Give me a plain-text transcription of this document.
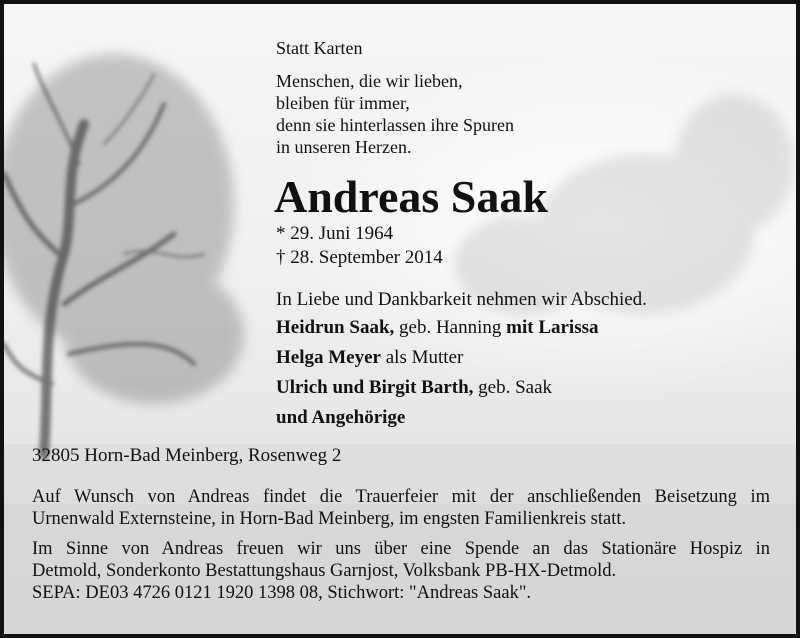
Statt Karten
Menschen, die wir lieben,
bleiben für immer,
denn sie hinterlassen ihre Spuren
in unseren Herzen.
Andreas Saak
* 29. Juni 1964
† 28. September 2014
In Liebe und Dankbarkeit nehmen wir Abschied.
Heidrun Saak, geb. Hanning mit Larissa
Helga Meyer als Mutter
Ulrich und Birgit Barth, geb. Saak
und Angehörige
32805 Horn-Bad Meinberg, Rosenweg 2
Auf Wunsch von Andreas findet die Trauerfeier mit der anschließenden Beisetzung im
Urnenwald Externsteine, in Horn-Bad Meinberg, im engsten Familienkreis statt.
Im Sinne von Andreas freuen wir uns über eine Spende an das Stationäre Hospiz in
Detmold, Sonderkonto Bestattungshaus Garnjost, Volksbank PB-HX-Detmold.
SEPA: DE03 4726 0121 1920 1398 08, Stichwort: "Andreas Saak".
